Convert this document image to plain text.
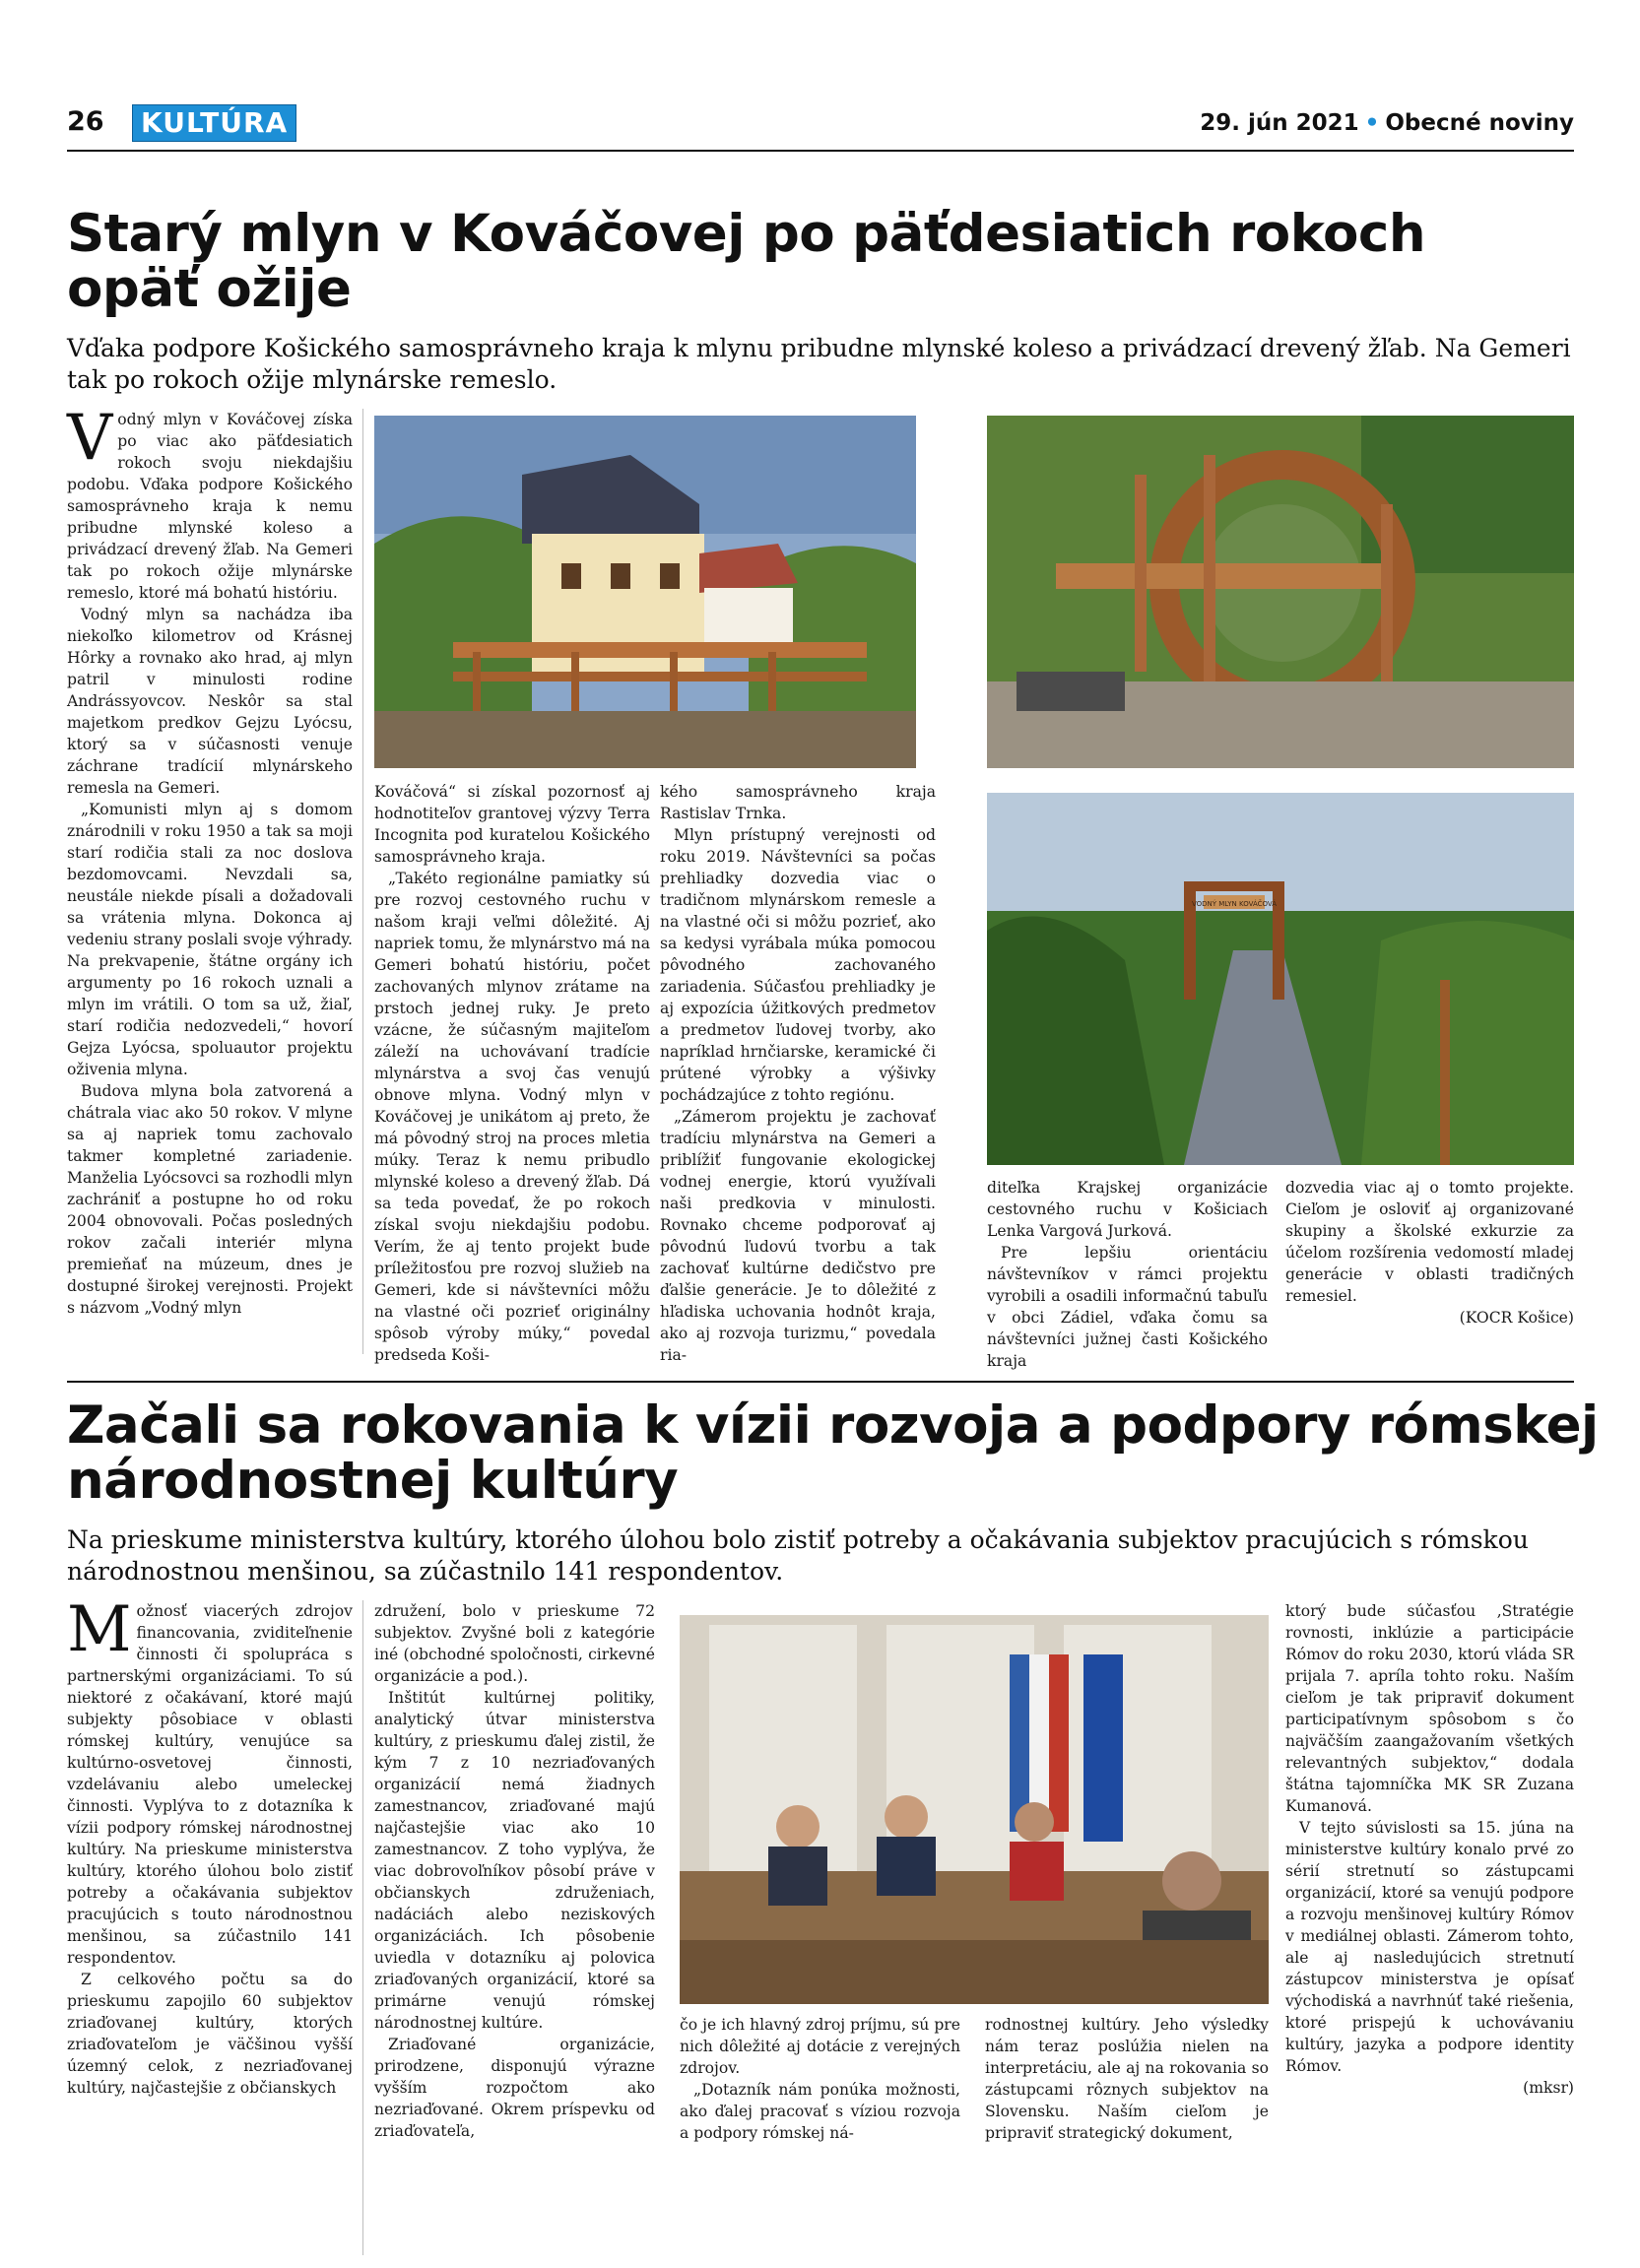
26	KULTÚRA	29. jún 2021 • Obecné noviny
Starý mlyn v Kováčovej po päťdesiatich rokoch
opäť ožije
Vďaka podpore Košického samosprávneho kraja k mlynu pribudne mlynské koleso a privádzací drevený žľab. Na Gemeri tak po rokoch ožije mlynárske remeslo.

Vodný mlyn v Kováčovej získa po viac ako päťdesiatich rokoch svoju niekdajšiu podobu. Vďaka podpore Košického samosprávneho kraja k nemu pribudne mlynské koleso a privádzací drevený žľab. Na Gemeri tak po rokoch ožije mlynárske remeslo, ktoré má bohatú históriu.

Vodný mlyn sa nachádza iba niekoľko kilometrov od Krásnej Hôrky a rovnako ako hrad, aj mlyn patril v minulosti rodine Andrássyovcov. Neskôr sa stal majetkom predkov Gejzu Lyócsu, ktorý sa v súčasnosti venuje záchrane tradícií mlynárskeho remesla na Gemeri.

„Komunisti mlyn aj s domom znárodnili v roku 1950 a tak sa moji starí rodičia stali za noc doslova bezdomovcami. Nevzdali sa, neustále niekde písali a dožadovali sa vrátenia mlyna. Dokonca aj vedeniu strany poslali svoje výhrady. Na prekvapenie, štátne orgány ich argumenty po 16 rokoch uznali a mlyn im vrátili. O tom sa už, žiaľ, starí rodičia nedozvedeli,“ hovorí Gejza Lyócsa, spoluautor projektu oživenia mlyna.

Budova mlyna bola zatvorená a chátrala viac ako 50 rokov. V mlyne sa aj napriek tomu zachovalo takmer kompletné zariadenie. Manželia Lyócsovci sa rozhodli mlyn zachrániť a postupne ho od roku 2004 obnovovali. Počas posledných rokov začali interiér mlyna premieňať na múzeum, dnes je dostupné širokej verejnosti. Projekt s názvom „Vodný mlyn

VODNÝ MLYN KOVÁČOVÁ

Kováčová“ si získal pozornosť aj hodnotiteľov grantovej výzvy Terra Incognita pod kuratelou Košického samosprávneho kraja.

„Takéto regionálne pamiatky sú pre rozvoj cestovného ruchu v našom kraji veľmi dôležité. Aj napriek tomu, že mlynárstvo má na Gemeri bohatú históriu, počet zachovaných mlynov zrátame na prstoch jednej ruky. Je preto vzácne, že súčasným majiteľom záleží na uchovávaní tradície mlynárstva a svoj čas venujú obnove mlyna. Vodný mlyn v Kováčovej je unikátom aj preto, že má pôvodný stroj na proces mletia múky. Teraz k nemu pribudlo mlynské koleso a drevený žľab. Dá sa teda povedať, že po rokoch získal svoju niekdajšiu podobu. Verím, že aj tento projekt bude príležitosťou pre rozvoj služieb na Gemeri, kde si návštevníci môžu na vlastné oči pozrieť originálny spôsob výroby múky,“ povedal predseda Koši-

kého samosprávneho kraja Rastislav Trnka.

Mlyn prístupný verejnosti od roku 2019. Návštevníci sa počas prehliadky dozvedia viac o tradičnom mlynárskom remesle a na vlastné oči si môžu pozrieť, ako sa kedysi vyrábala múka pomocou pôvodného zachovaného zariadenia. Súčasťou prehliadky je aj expozícia úžitkových predmetov a predmetov ľudovej tvorby, ako napríklad hrnčiarske, keramické či prútené výrobky a výšivky pochádzajúce z tohto regiónu.

„Zámerom projektu je zachovať tradíciu mlynárstva na Gemeri a priblížiť fungovanie ekologickej vodnej energie, ktorú využívali naši predkovia v minulosti. Rovnako chceme podporovať aj pôvodnú ľudovú tvorbu a tak zachovať kultúrne dedičstvo pre ďalšie generácie. Je to dôležité z hľadiska uchovania hodnôt kraja, ako aj rozvoja turizmu,“ povedala ria-

diteľka Krajskej organizácie cestovného ruchu v Košiciach Lenka Vargová Jurková.

Pre lepšiu orientáciu návštevníkov v rámci projektu vyrobili a osadili informačnú tabuľu v obci Zádiel, vďaka čomu sa návštevníci južnej časti Košického kraja

dozvedia viac aj o tomto projekte. Cieľom je osloviť aj organizované skupiny a školské exkurzie za účelom rozšírenia vedomostí mladej generácie v oblasti tradičných remesiel.

(KOCR Košice)

Začali sa rokovania k vízii rozvoja a podpory rómskej
národnostnej kultúry
Na prieskume ministerstva kultúry, ktorého úlohou bolo zistiť potreby a očakávania subjektov pracujúcich s rómskou národnostnou menšinou, sa zúčastnilo 141 respondentov.

Možnosť viacerých zdrojov financovania, zviditeľnenie činnosti či spolupráca s partnerskými organizáciami. To sú niektoré z očakávaní, ktoré majú subjekty pôsobiace v oblasti rómskej kultúry, venujúce sa kultúrno-osvetovej činnosti, vzdelávaniu alebo umeleckej činnosti. Vyplýva to z dotazníka k vízii podpory rómskej národnostnej kultúry. Na prieskume ministerstva kultúry, ktorého úlohou bolo zistiť potreby a očakávania subjektov pracujúcich s touto národnostnou menšinou, sa zúčastnilo 141 respondentov.

Z celkového počtu sa do prieskumu zapojilo 60 subjektov zriaďovanej kultúry, ktorých zriaďovateľom je väčšinou vyšší územný celok, z nezriaďovanej kultúry, najčastejšie z občianskych

združení, bolo v prieskume 72 subjektov. Zvyšné boli z kategórie iné (obchodné spoločnosti, cirkevné organizácie a pod.).

Inštitút kultúrnej politiky, analytický útvar ministerstva kultúry, z prieskumu ďalej zistil, že kým 7 z 10 nezriaďovaných organizácií nemá žiadnych zamestnancov, zriaďované majú najčastejšie viac ako 10 zamestnancov. Z toho vyplýva, že viac dobrovoľníkov pôsobí práve v občianskych združeniach, nadáciách alebo neziskových organizáciách. Ich pôsobenie uviedla v dotazníku aj polovica zriaďovaných organizácií, ktoré sa primárne venujú rómskej národnostnej kultúre.

Zriaďované organizácie, prirodzene, disponujú výrazne vyšším rozpočtom ako nezriaďované. Okrem príspevku od zriaďovateľa,

čo je ich hlavný zdroj príjmu, sú pre nich dôležité aj dotácie z verejných zdrojov.

„Dotazník nám ponúka možnosti, ako ďalej pracovať s víziou rozvoja a podpory rómskej ná-

rodnostnej kultúry. Jeho výsledky nám teraz poslúžia nielen na interpretáciu, ale aj na rokovania so zástupcami rôznych subjektov na Slovensku. Naším cieľom je pripraviť strategický dokument,

ktorý bude súčasťou ‚Stratégie rovnosti, inklúzie a participácie Rómov do roku 2030, ktorú vláda SR prijala 7. apríla tohto roku. Naším cieľom je tak pripraviť dokument participatívnym spôsobom s čo najväčším zaangažovaním všetkých relevantných subjektov,“ dodala štátna tajomníčka MK SR Zuzana Kumanová.

V tejto súvislosti sa 15. júna na ministerstve kultúry konalo prvé zo sérií stretnutí so zástupcami organizácií, ktoré sa venujú podpore a rozvoju menšinovej kultúry Rómov v mediálnej oblasti. Zámerom tohto, ale aj nasledujúcich stretnutí zástupcov ministerstva je opísať východiská a navrhnúť také riešenia, ktoré prispejú k uchovávaniu kultúry, jazyka a podpore identity Rómov.

(mksr)
